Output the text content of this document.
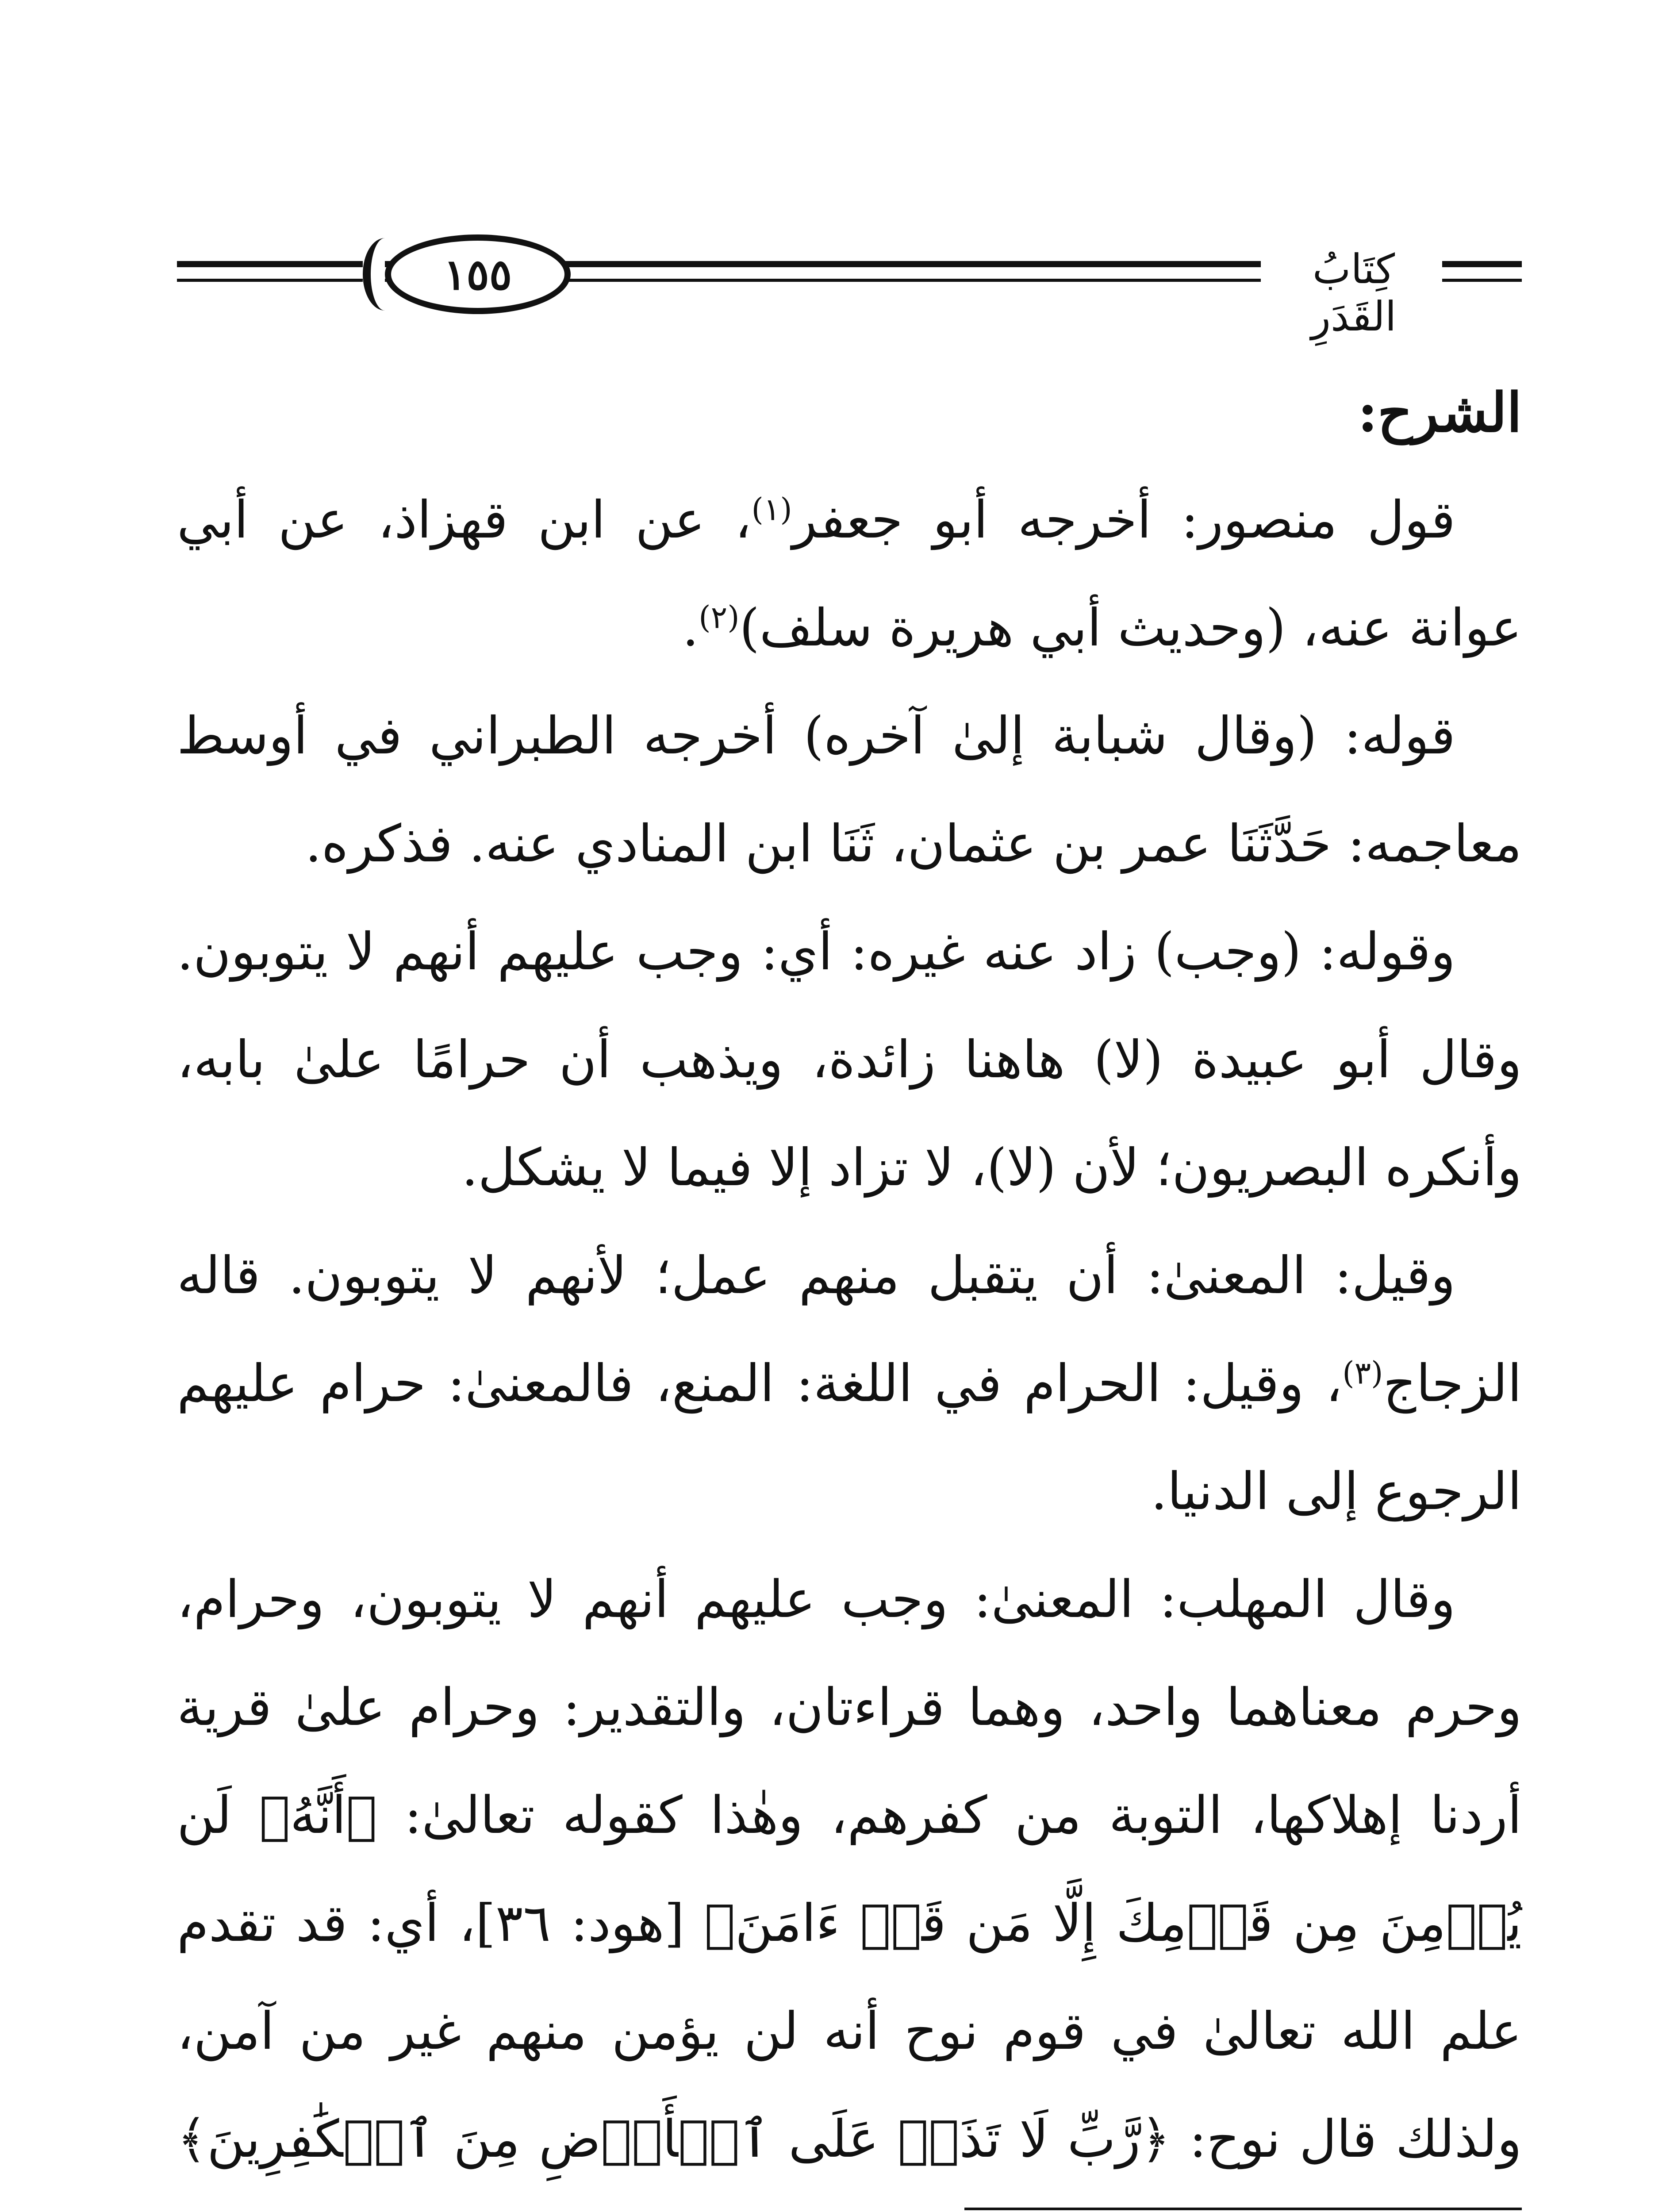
١٥٥	كِتَابُ القَدَرِ

الشرح:

قول منصور: أخرجه أبو جعفر$^{(١)}$، عن ابن قهزاذ، عن أبي عوانة عنه، (وحديث أبي هريرة سلف)$^{(٢)}$.

قوله: (وقال شبابة إلىٰ آخره) أخرجه الطبراني في أوسط معاجمه: حَدَّثَنَا عمر بن عثمان، ثَنَا ابن المنادي عنه. فذكره.

وقوله: (وجب) زاد عنه غيره: أي: وجب عليهم أنهم لا يتوبون. وقال أبو عبيدة (لا) هاهنا زائدة، ويذهب أن حرامًا علىٰ بابه، وأنكره البصريون؛ لأن (لا)، لا تزاد إلا فيما لا يشكل.

وقيل: المعنىٰ: أن يتقبل منهم عمل؛ لأنهم لا يتوبون. قاله الزجاج$^{(٣)}$، وقيل: الحرام في اللغة: المنع، فالمعنىٰ: حرام عليهم الرجوع إلى الدنيا.

وقال المهلب: المعنىٰ: وجب عليهم أنهم لا يتوبون، وحرام، وحرم معناهما واحد، وهما قراءتان، والتقدير: وحرام علىٰ قرية أردنا إهلاكها، التوبة من كفرهم، وهٰذا كقوله تعالىٰ: ﴿أَنَّهُۥ لَن يُؤۡمِنَ مِن قَوۡمِكَ إِلَّا مَن قَدۡ ءَامَنَ﴾ [هود: ٣٦]، أي: قد تقدم علم الله تعالىٰ في قوم نوح أنه لن يؤمن منهم غير من آمن، ولذلك قال نوح: ﴿رَّبِّ لَا تَذَرۡ عَلَى ٱلۡأَرۡضِ مِنَ ٱلۡكَٰفِرِينَ﴾
